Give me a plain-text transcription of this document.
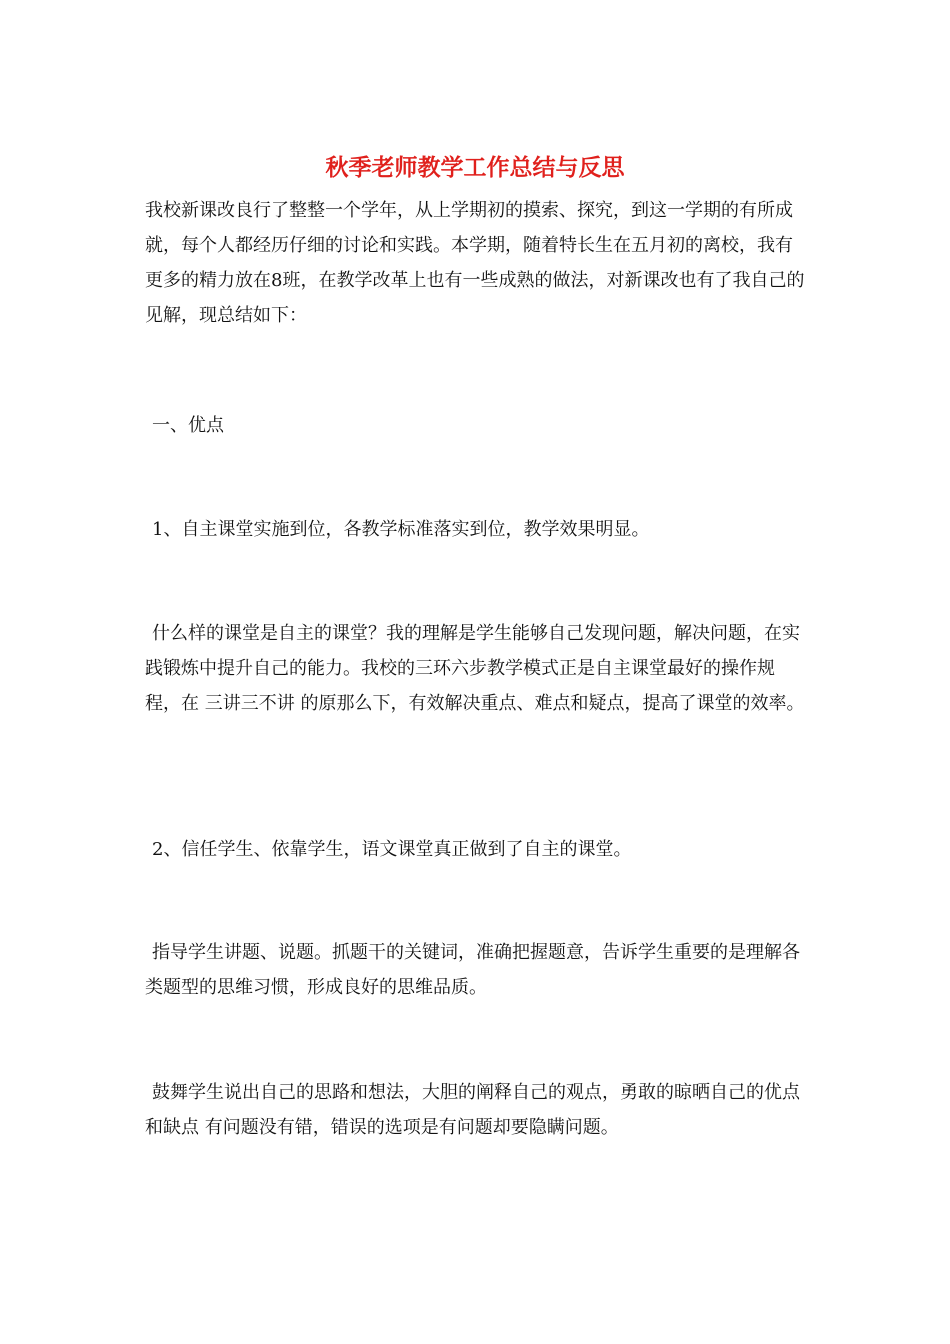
秋季老师教学工作总结与反思

我校新课改良行了整整一个学年，从上学期初的摸索、探究，到这一学期的有所成就，每个人都经历仔细的讨论和实践。本学期，随着特长生在五月初的离校，我有更多的精力放在8班，在教学改革上也有一些成熟的做法，对新课改也有了我自己的见解，现总结如下：

一、优点

1、自主课堂实施到位，各教学标准落实到位，教学效果明显。

什么样的课堂是自主的课堂？我的理解是学生能够自己发现问题，解决问题，在实践锻炼中提升自己的能力。我校的三环六步教学模式正是自主课堂最好的操作规程，在 三讲三不讲 的原那么下，有效解决重点、难点和疑点，提高了课堂的效率。

2、信任学生、依靠学生，语文课堂真正做到了自主的课堂。

指导学生讲题、说题。抓题干的关键词，准确把握题意，告诉学生重要的是理解各类题型的思维习惯，形成良好的思维品质。

鼓舞学生说出自己的思路和想法，大胆的阐释自己的观点，勇敢的晾晒自己的优点和缺点 有问题没有错，错误的选项是有问题却要隐瞒问题。
